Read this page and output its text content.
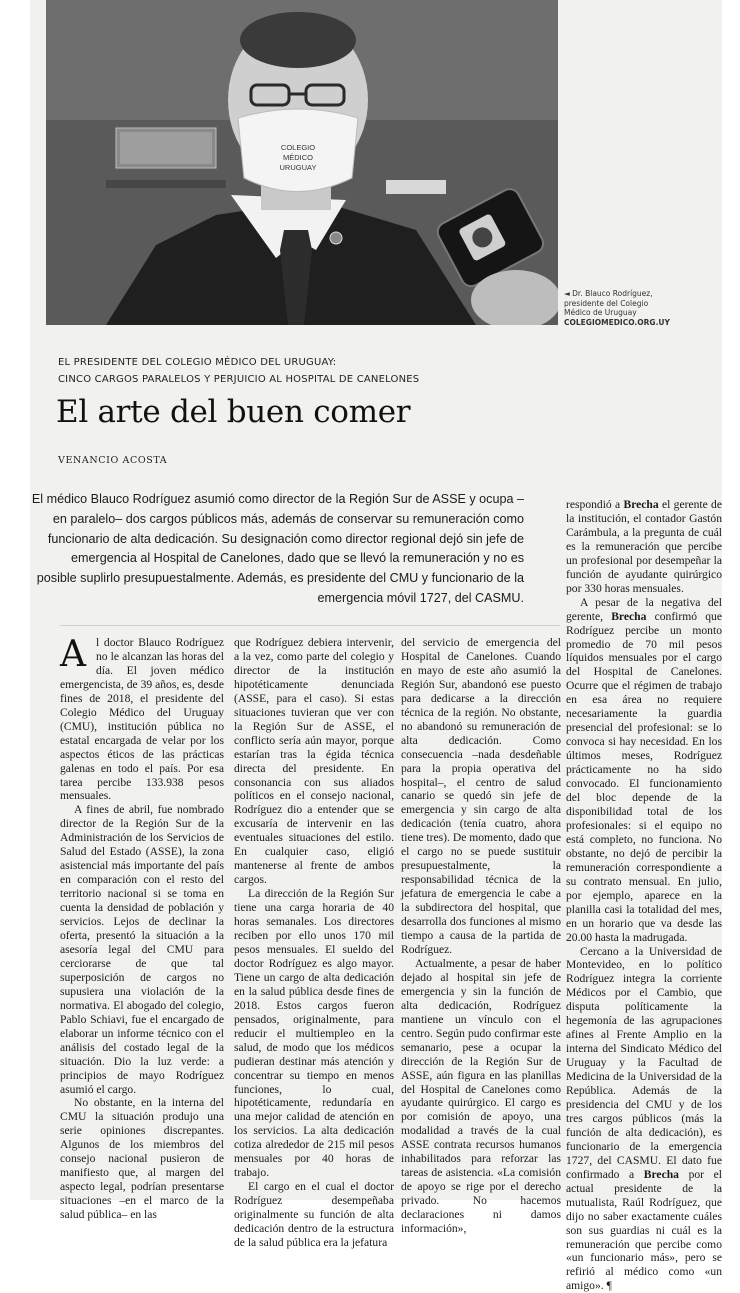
COLEGIO
MÉDICO
URUGUAY
◄ Dr. Blauco Rodríguez,
presidente del Colegio
Médico de Uruguay
COLEGIOMEDICO.ORG.UY
EL PRESIDENTE DEL COLEGIO MÉDICO DEL URUGUAY:
CINCO CARGOS PARALELOS Y PERJUICIO AL HOSPITAL DE CANELONES
El arte del buen comer
VENANCIO ACOSTA
El médico Blauco Rodríguez asumió como director de la Región Sur de ASSE y ocupa –en paralelo– dos cargos públicos más, además de conservar su remuneración como funcionario de alta dedicación. Su designación como director regional dejó sin jefe de emergencia al Hospital de Canelones, dado que se llevó la remuneración y no es posible suplirlo presupuestalmente. Además, es presidente del CMU y funcionario de la emergencia móvil 1727, del CASMU.

Al doctor Blauco Rodríguez no le alcanzan las horas del día. El joven médico emergencista, de 39 años, es, desde fines de 2018, el presidente del Colegio Médico del Uruguay (CMU), institución pública no estatal encargada de velar por los aspectos éticos de las prácticas galenas en todo el país. Por esa tarea percibe 133.938 pesos mensuales.

A fines de abril, fue nombrado director de la Región Sur de la Administración de los Servicios de Salud del Estado (ASSE), la zona asistencial más importante del país en comparación con el resto del territorio nacional si se toma en cuenta la densidad de población y servicios. Lejos de declinar la oferta, presentó la situación a la asesoría legal del CMU para cerciorarse de que tal superposición de cargos no supusiera una violación de la normativa. El abogado del colegio, Pablo Schiavi, fue el encargado de elaborar un informe técnico con el análisis del costado legal de la situación. Dio la luz verde: a principios de mayo Rodríguez asumió el cargo.

No obstante, en la interna del CMU la situación produjo una serie opiniones discrepantes. Algunos de los miembros del consejo nacional pusieron de manifiesto que, al margen del aspecto legal, podrían presentarse situaciones –en el marco de la salud pública– en las

que Rodríguez debiera intervenir, a la vez, como parte del colegio y director de la institución hipotéticamente denunciada (ASSE, para el caso). Si estas situaciones tuvieran que ver con la Región Sur de ASSE, el conflicto sería aún mayor, porque estarían tras la égida técnica directa del presidente. En consonancia con sus aliados políticos en el consejo nacional, Rodríguez dio a entender que se excusaría de intervenir en las eventuales situaciones del estilo. En cualquier caso, eligió mantenerse al frente de ambos cargos.

La dirección de la Región Sur tiene una carga horaria de 40 horas semanales. Los directores reciben por ello unos 170 mil pesos mensuales. El sueldo del doctor Rodríguez es algo mayor. Tiene un cargo de alta dedicación en la salud pública desde fines de 2018. Estos cargos fueron pensados, originalmente, para reducir el multiempleo en la salud, de modo que los médicos pudieran destinar más atención y concentrar su tiempo en menos funciones, lo cual, hipotéticamente, redundaría en una mejor calidad de atención en los servicios. La alta dedicación cotiza alrededor de 215 mil pesos mensuales por 40 horas de trabajo.

El cargo en el cual el doctor Rodríguez desempeñaba originalmente su función de alta dedicación dentro de la estructura de la salud pública era la jefatura

del servicio de emergencia del Hospital de Canelones. Cuando en mayo de este año asumió la Región Sur, abandonó ese puesto para dedicarse a la dirección técnica de la región. No obstante, no abandonó su remuneración de alta dedicación. Como consecuencia –nada desdeñable para la propia operativa del hospital–, el centro de salud canario se quedó sin jefe de emergencia y sin cargo de alta dedicación (tenía cuatro, ahora tiene tres). De momento, dado que el cargo no se puede sustituir presupuestalmente, la responsabilidad técnica de la jefatura de emergencia le cabe a la subdirectora del hospital, que desarrolla dos funciones al mismo tiempo a causa de la partida de Rodríguez.

Actualmente, a pesar de haber dejado al hospital sin jefe de emergencia y sin la función de alta dedicación, Rodríguez mantiene un vínculo con el centro. Según pudo confirmar este semanario, pese a ocupar la dirección de la Región Sur de ASSE, aún figura en las planillas del Hospital de Canelones como ayudante quirúrgico. El cargo es por comisión de apoyo, una modalidad a través de la cual ASSE contrata recursos humanos inhabilitados para reforzar las tareas de asistencia. «La comisión de apoyo se rige por el derecho privado. No hacemos declaraciones ni damos información»,

respondió a Brecha el gerente de la institución, el contador Gastón Carámbula, a la pregunta de cuál es la remuneración que percibe un profesional por desempeñar la función de ayudante quirúrgico por 330 horas mensuales.

A pesar de la negativa del gerente, Brecha confirmó que Rodríguez percibe un monto promedio de 70 mil pesos líquidos mensuales por el cargo del Hospital de Canelones. Ocurre que el régimen de trabajo en esa área no requiere necesariamente la guardia presencial del profesional: se lo convoca si hay necesidad. En los últimos meses, Rodríguez prácticamente no ha sido convocado. El funcionamiento del bloc depende de la disponibilidad total de los profesionales: si el equipo no está completo, no funciona. No obstante, no dejó de percibir la remuneración correspondiente a su contrato mensual. En julio, por ejemplo, aparece en la planilla casi la totalidad del mes, en un horario que va desde las 20.00 hasta la madrugada.

Cercano a la Universidad de Montevideo, en lo político Rodríguez integra la corriente Médicos por el Cambio, que disputa políticamente la hegemonía de las agrupaciones afines al Frente Amplio en la interna del Sindicato Médico del Uruguay y la Facultad de Medicina de la Universidad de la República. Además de la presidencia del CMU y de los tres cargos públicos (más la función de alta dedicación), es funcionario de la emergencia 1727, del CASMU. El dato fue confirmado a Brecha por el actual presidente de la mutualista, Raúl Rodríguez, que dijo no saber exactamente cuáles son sus guardias ni cuál es la remuneración que percibe como «un funcionario más», pero se refirió al médico como «un amigo». ¶
